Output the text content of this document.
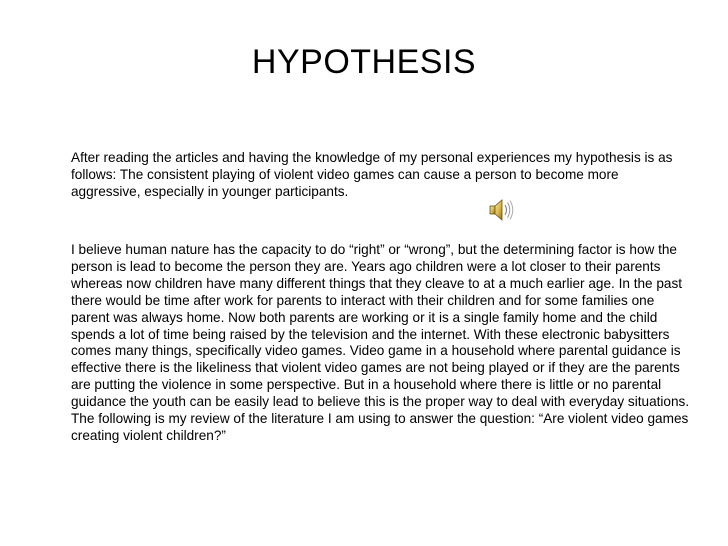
HYPOTHESIS

After reading the articles and having the knowledge of my personal experiences my hypothesis is as follows: The consistent playing of violent video games can cause a person to become more aggressive, especially in younger participants.

I believe human nature has the capacity to do “right” or “wrong”, but the determining factor is how the person is lead to become the person they are. Years ago children were a lot closer to their parents whereas now children have many different things that they cleave to at a much earlier age. In the past there would be time after work for parents to interact with their children and for some families one parent was always home. Now both parents are working or it is a single family home and the child spends a lot of time being raised by the television and the internet. With these electronic babysitters comes many things, specifically video games. Video game in a household where parental guidance is effective there is the likeliness that violent video games are not being played or if they are the parents are putting the violence in some perspective. But in a household where there is little or no parental guidance the youth can be easily lead to believe this is the proper way to deal with everyday situations. The following is my review of the literature I am using to answer the question: “Are violent video games creating violent children?”
